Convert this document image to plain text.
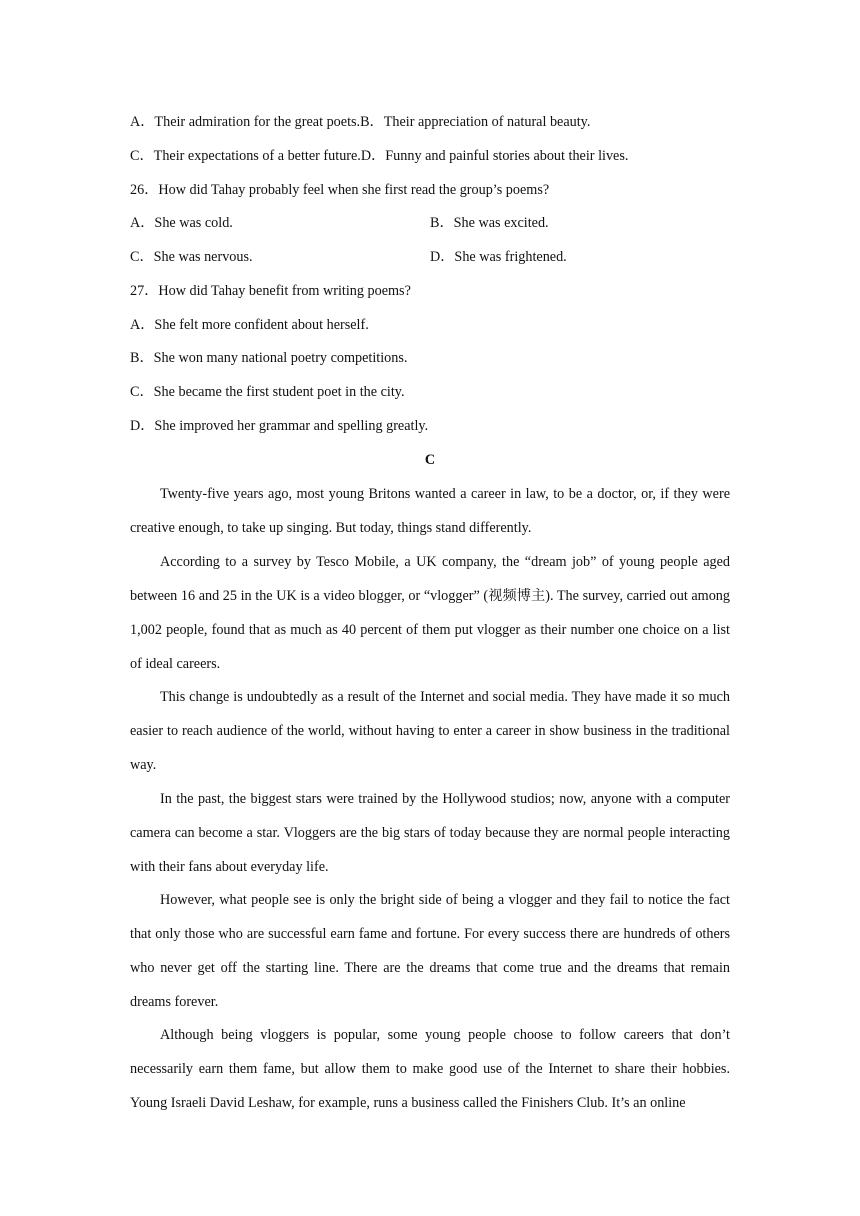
A．Their admiration for the great poets.B．Their appreciation of natural beauty.
C．Their expectations of a better future.D．Funny and painful stories about their lives.
26．How did Tahay probably feel when she first read the group’s poems?
A．She was cold.	B．She was excited.
C．She was nervous.	D．She was frightened.
27．How did Tahay benefit from writing poems?
A．She felt more confident about herself.
B．She won many national poetry competitions.
C．She became the first student poet in the city.
D．She improved her grammar and spelling greatly.
C

Twenty-five years ago, most young Britons wanted a career in law, to be a doctor, or, if they were creative enough, to take up singing. But today, things stand differently.

According to a survey by Tesco Mobile, a UK company, the “dream job” of young people aged between 16 and 25 in the UK is a video blogger, or “vlogger” (视频博主). The survey, carried out among 1,002 people, found that as much as 40 percent of them put vlogger as their number one choice on a list of ideal careers.

This change is undoubtedly as a result of the Internet and social media. They have made it so much easier to reach audience of the world, without having to enter a career in show business in the traditional way.

In the past, the biggest stars were trained by the Hollywood studios; now, anyone with a computer camera can become a star. Vloggers are the big stars of today because they are normal people interacting with their fans about everyday life.

However, what people see is only the bright side of being a vlogger and they fail to notice the fact that only those who are successful earn fame and fortune. For every success there are hundreds of others who never get off the starting line. There are the dreams that come true and the dreams that remain dreams forever.

Although being vloggers is popular, some young people choose to follow careers that don’t necessarily earn them fame, but allow them to make good use of the Internet to share their hobbies. Young Israeli David Leshaw, for example, runs a business called the Finishers Club. It’s an online
